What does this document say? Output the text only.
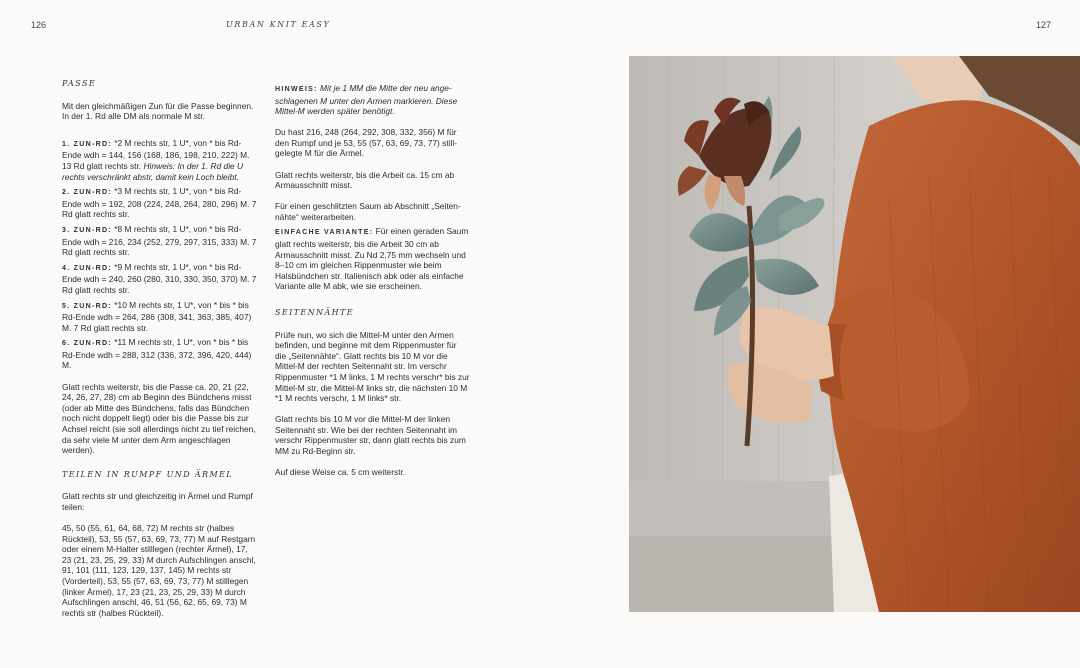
126	URBAN KNIT EASY	127
PASSE

Mit den gleichmäßigen Zun für die Passe beginnen. In der 1. Rd alle DM als normale M str.

1. ZUN-RD: *2 M rechts str, 1 U*, von * bis Rd-Ende wdh = 144, 156 (168, 186, 198, 210, 222) M. 13 Rd glatt rechts str. Hinweis: In der 1. Rd die U rechts verschränkt abstr, damit kein Loch bleibt.

2. ZUN-RD: *3 M rechts str, 1 U*, von * bis Rd-Ende wdh = 192, 208 (224, 248, 264, 280, 296) M. 7 Rd glatt rechts str.

3. ZUN-RD: *8 M rechts str, 1 U*, von * bis Rd-Ende wdh = 216, 234 (252, 279, 297, 315, 333) M. 7 Rd glatt rechts str.

4. ZUN-RD: *9 M rechts str, 1 U*, von * bis Rd-Ende wdh = 240, 260 (280, 310, 330, 350, 370) M. 7 Rd glatt rechts str.

5. ZUN-RD: *10 M rechts str, 1 U*, von * bis * bis Rd-Ende wdh = 264, 286 (308, 341, 363, 385, 407) M. 7 Rd glatt rechts str.

6. ZUN-RD: *11 M rechts str, 1 U*, von * bis * bis Rd-Ende wdh = 288, 312 (336, 372, 396, 420, 444) M.

Glatt rechts weiterstr, bis die Passe ca. 20, 21 (22, 24, 26, 27, 28) cm ab Beginn des Bündchens misst (oder ab Mitte des Bündchens, falls das Bündchen noch nicht doppelt liegt) oder bis die Passe bis zur Achsel reicht (sie soll allerdings nicht zu tief reichen, da sehr viele M unter dem Arm angeschlagen werden).

TEILEN IN RUMPF UND ÄRMEL

Glatt rechts str und gleichzeitig in Ärmel und Rumpf teilen:

45, 50 (55, 61, 64, 68, 72) M rechts str (halbes Rückteil), 53, 55 (57, 63, 69, 73, 77) M auf Restgarn oder einem M-Halter stilllegen (rechter Ärmel), 17, 23 (21, 23, 25, 29, 33) M durch Aufschlingen anschl, 91, 101 (111, 123, 129, 137, 145) M rechts str (Vorderteil), 53, 55 (57, 63, 69, 73, 77) M stilllegen (linker Ärmel), 17, 23 (21, 23, 25, 29, 33) M durch Aufschlingen anschl, 46, 51 (56, 62, 65, 69, 73) M rechts str (halbes Rückteil).

HINWEIS: Mit je 1 MM die Mitte der neu angeschlagenen M unter den Armen markieren. Diese Mittel-M werden später benötigt.

Du hast 216, 248 (264, 292, 308, 332, 356) M für den Rumpf und je 53, 55 (57, 63, 69, 73, 77) stillgelegte M für die Ärmel.

Glatt rechts weiterstr, bis die Arbeit ca. 15 cm ab Armausschnitt misst.

Für einen geschlitzten Saum ab Abschnitt „Seitennähte“ weiterarbeiten.

EINFACHE VARIANTE: Für einen geraden Saum glatt rechts weiterstr, bis die Arbeit 30 cm ab Armausschnitt misst. Zu Nd 2,75 mm wechseln und 8–10 cm im gleichen Rippenmuster wie beim Halsbündchen str. Italienisch abk oder als einfache Variante alle M abk, wie sie erscheinen.

SEITENNÄHTE

Prüfe nun, wo sich die Mittel-M unter den Armen befinden, und beginne mit dem Rippenmuster für die „Seitennähte“. Glatt rechts bis 10 M vor die Mittel-M der rechten Seitennaht str. Im verschr Rippenmuster *1 M links, 1 M rechts verschr* bis zur Mittel-M str, die Mittel-M links str, die nächsten 10 M *1 M rechts verschr, 1 M links* str.

Glatt rechts bis 10 M vor die Mittel-M der linken Seitennaht str. Wie bei der rechten Seitennaht im verschr Rippenmuster str, dann glatt rechts bis zum MM zu Rd-Beginn str.

Auf diese Weise ca. 5 cm weiterstr.
